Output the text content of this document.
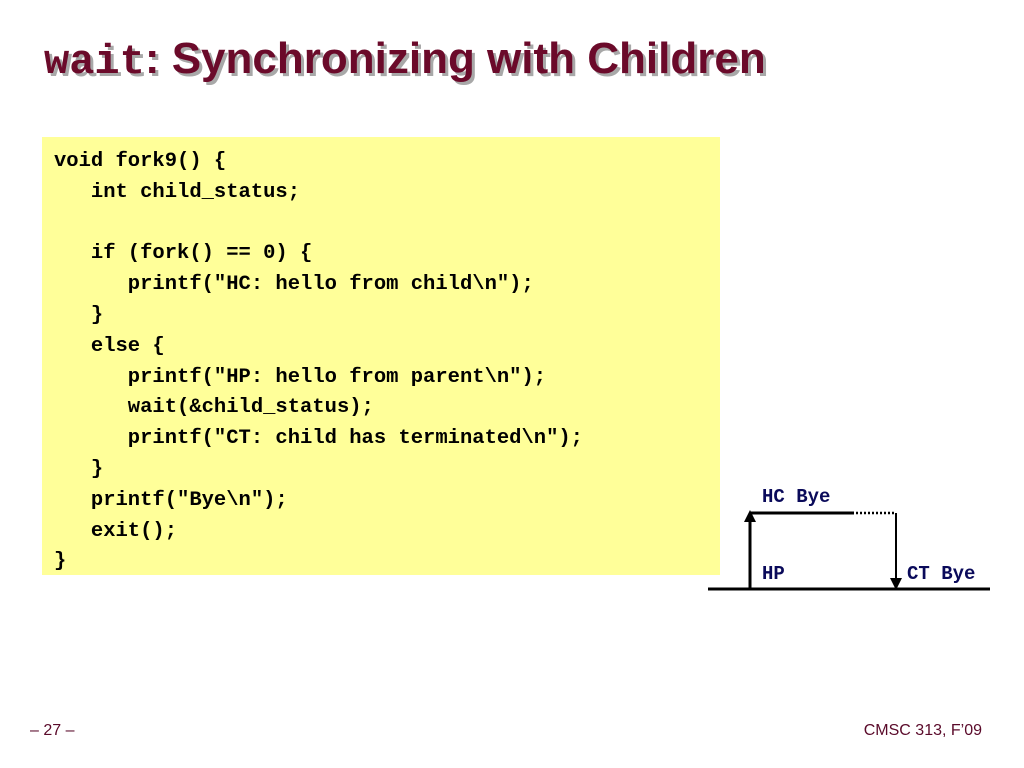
wait: Synchronizing with Children
void fork9() {
int child_status;
if (fork() == 0) {
printf("HC: hello from child\n");
}
else {
printf("HP: hello from parent\n");
wait(&child_status);
printf("CT: child has terminated\n");
}
printf("Bye\n");
exit();
}
HC Bye
HP	CT Bye
– 27 –	CMSC 313, F’09
